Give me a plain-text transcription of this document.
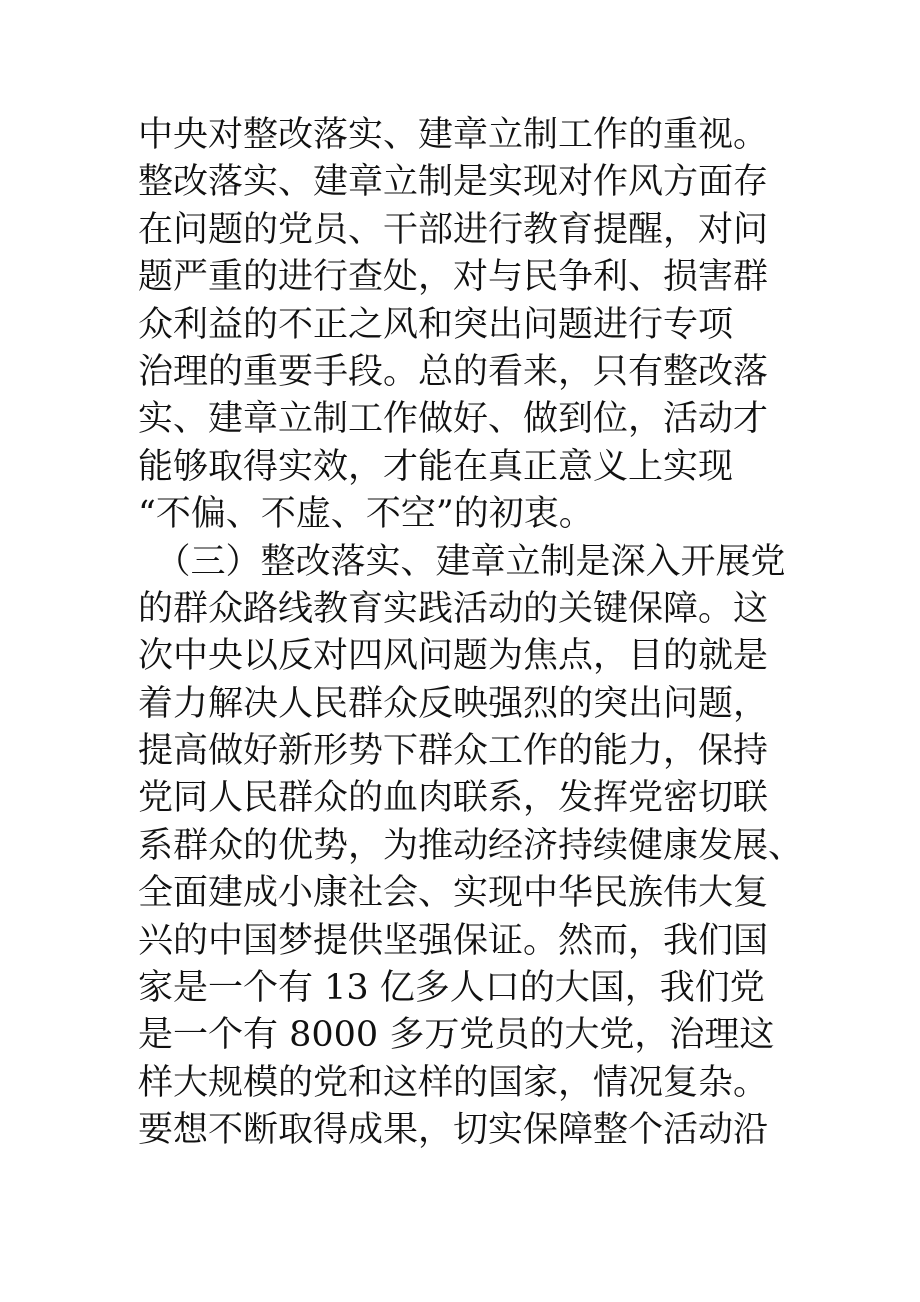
中央对整改落实、建章立制工作的重视。
整改落实、建章立制是实现对作风方面存
在问题的党员、干部进行教育提醒，对问
题严重的进行查处，对与民争利、损害群
众利益的不正之风和突出问题进行专项
治理的重要手段。总的看来，只有整改落
实、建章立制工作做好、做到位，活动才
能够取得实效，才能在真正意义上实现
“不偏、不虚、不空”的初衷。
　（三）整改落实、建章立制是深入开展党
的群众路线教育实践活动的关键保障。这
次中央以反对四风问题为焦点，目的就是
着力解决人民群众反映强烈的突出问题，
提高做好新形势下群众工作的能力，保持
党同人民群众的血肉联系，发挥党密切联
系群众的优势，为推动经济持续健康发展、
全面建成小康社会、实现中华民族伟大复
兴的中国梦提供坚强保证。然而，我们国
家是一个有 13 亿多人口的大国，我们党
是一个有 8000 多万党员的大党，治理这
样大规模的党和这样的国家，情况复杂。
要想不断取得成果，切实保障整个活动沿
